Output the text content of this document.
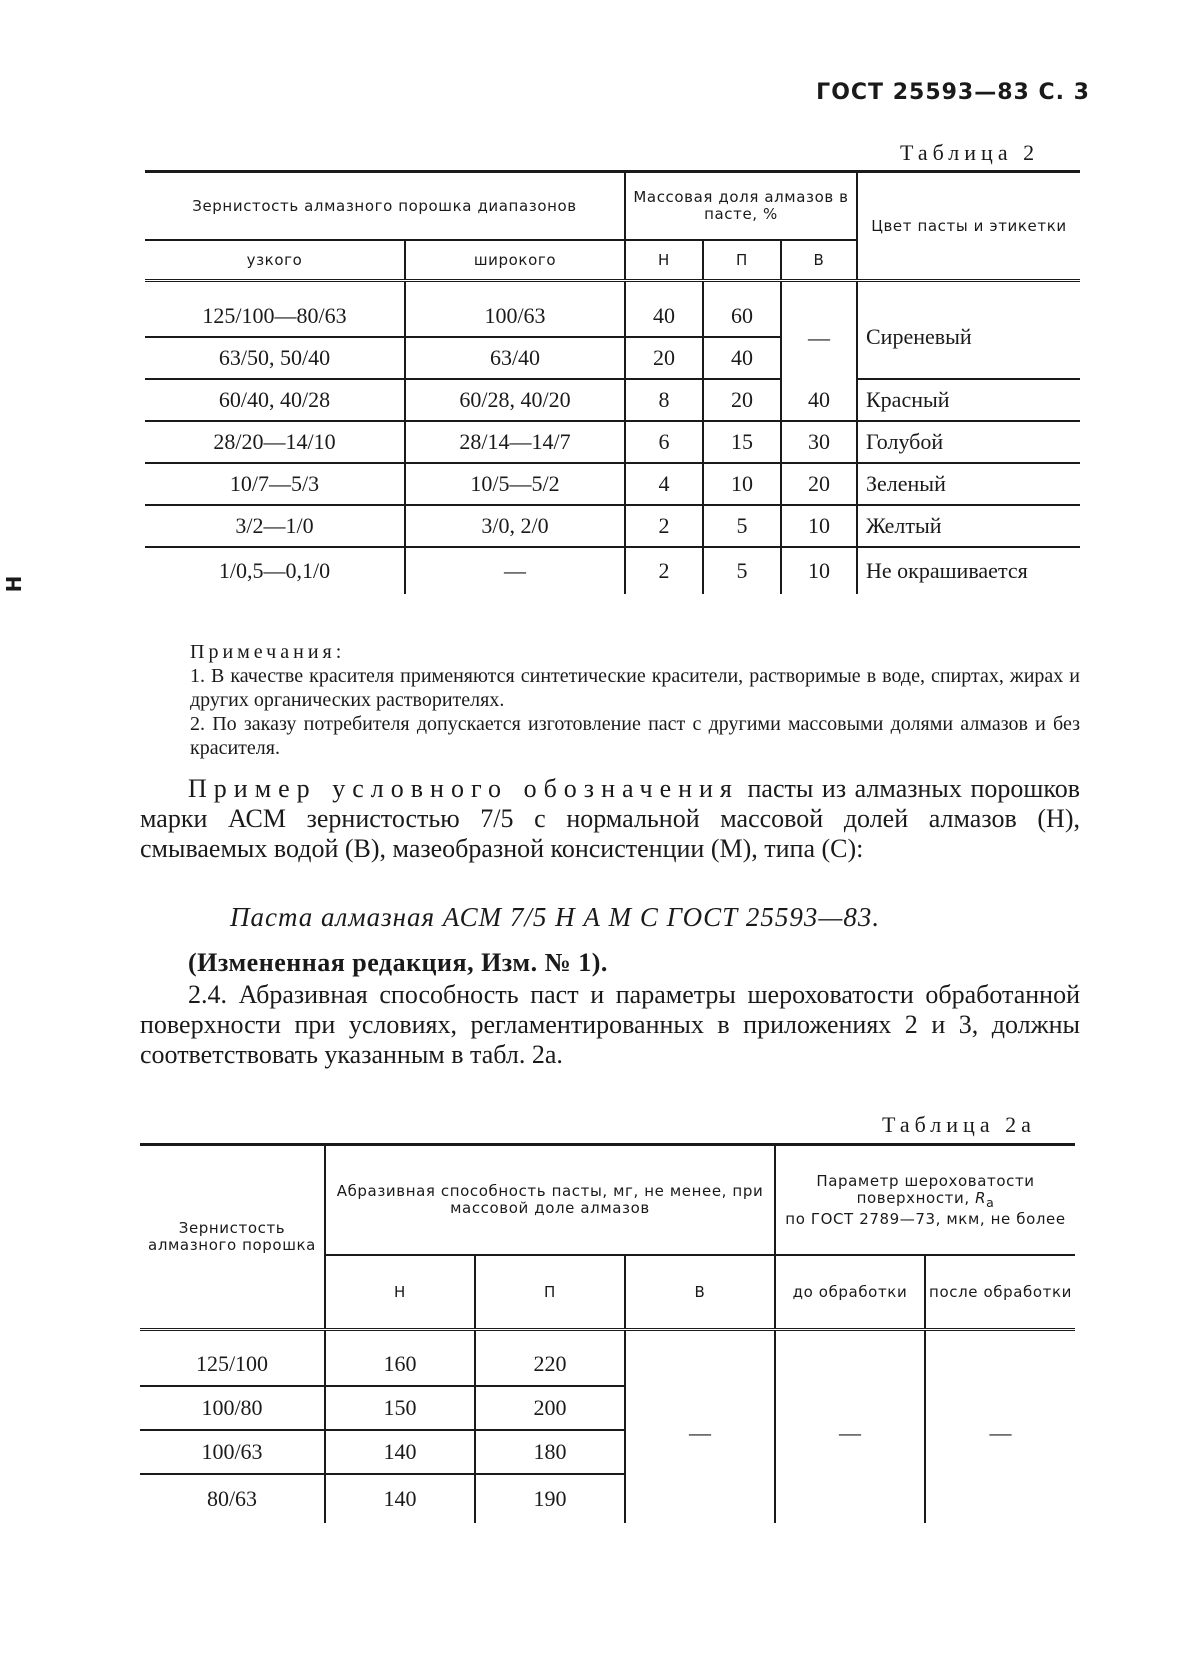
ГОСТ 25593—83 С. 3
Н
Таблица 2
Зернистость алмазного порошка диапазонов		Массовая доля алмазов в пасте, %			Цвет пасты и этикетки
узкого	широкого	Н	П	В	
125/100—80/63	100/63	40	60	—	Сиреневый
63/50, 50/40	63/40	20	40		
60/40, 40/28	60/28, 40/20	8	20	40	Красный
28/20—14/10	28/14—14/7	6	15	30	Голубой
10/7—5/3	10/5—5/2	4	10	20	Зеленый
3/2—1/0	3/0, 2/0	2	5	10	Желтый
1/0,5—0,1/0	—	2	5	10	Не окрашивается
Примечания:

1. В качестве красителя применяются синтетические красители, растворимые в воде, спиртах, жирах и других органических растворителях.

2. По заказу потребителя допускается изготовление паст с другими массовыми долями алмазов и без красителя.

Пример условного обозначения пасты из алмазных порошков марки АСМ зернистостью 7/5 с нормальной массовой долей алмазов (Н), смываемых водой (В), мазеобразной консистенции (М), типа (С):

Паста алмазная АСМ 7/5 Н А М С ГОСТ 25593—83.
(Измененная редакция, Изм. № 1).

2.4. Абразивная способность паст и параметры шероховатости обработанной поверхности при условиях, регламентированных в приложениях 2 и 3, должны соответствовать указанным в табл. 2а.

Таблица 2а
Зернистость алмазного порошка	Абразивная способность пасты, мг, не менее, при массовой доле алмазов			Параметр шероховатости поверхности, $R_a$
по ГОСТ 2789—73, мкм, не более	
	Н	П	В	до обработки	после обработки
125/100	160	220	—	—	—
100/80	150	200			
100/63	140	180			
80/63	140	190			
